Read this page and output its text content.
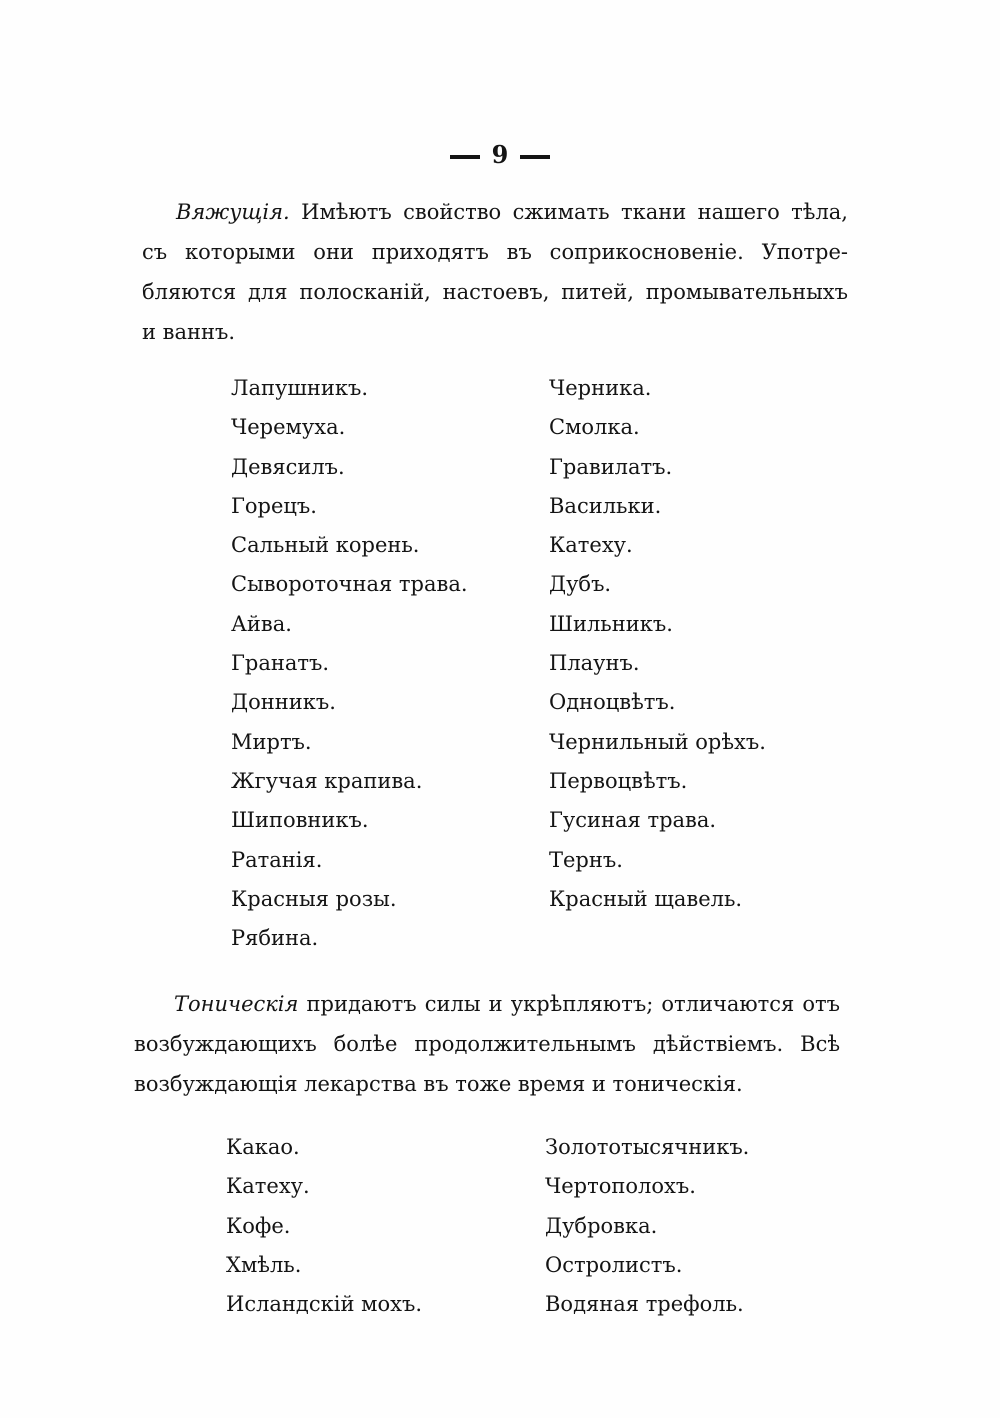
9
Вяжущія. Имѣютъ свойство сжимать ткани нашего тѣла,
съ которыми они приходятъ въ соприкосновеніе. Употре-
бляются для полосканій, настоевъ, питей, промывательныхъ
и ваннъ.
Лапушникъ.
Черемуха.
Девясилъ.
Горецъ.
Сальный корень.
Сывороточная трава.
Айва.
Гранатъ.
Донникъ.
Миртъ.
Жгучая крапива.
Шиповникъ.
Ратанія.
Красныя розы.
Рябина.
Черника.
Смолка.
Гравилатъ.
Васильки.
Катеху.
Дубъ.
Шильникъ.
Плаунъ.
Одноцвѣтъ.
Чернильный орѣхъ.
Первоцвѣтъ.
Гусиная трава.
Тернъ.
Красный щавель.
Тоническія придаютъ силы и укрѣпляютъ; отличаются отъ
возбуждающихъ болѣе продолжительнымъ дѣйствіемъ. Всѣ
возбуждающія лекарства въ тоже время и тоническія.
Какао.
Катеху.
Кофе.
Хмѣль.
Исландскій мохъ.
Золототысячникъ.
Чертополохъ.
Дубровка.
Остролистъ.
Водяная трефоль.
